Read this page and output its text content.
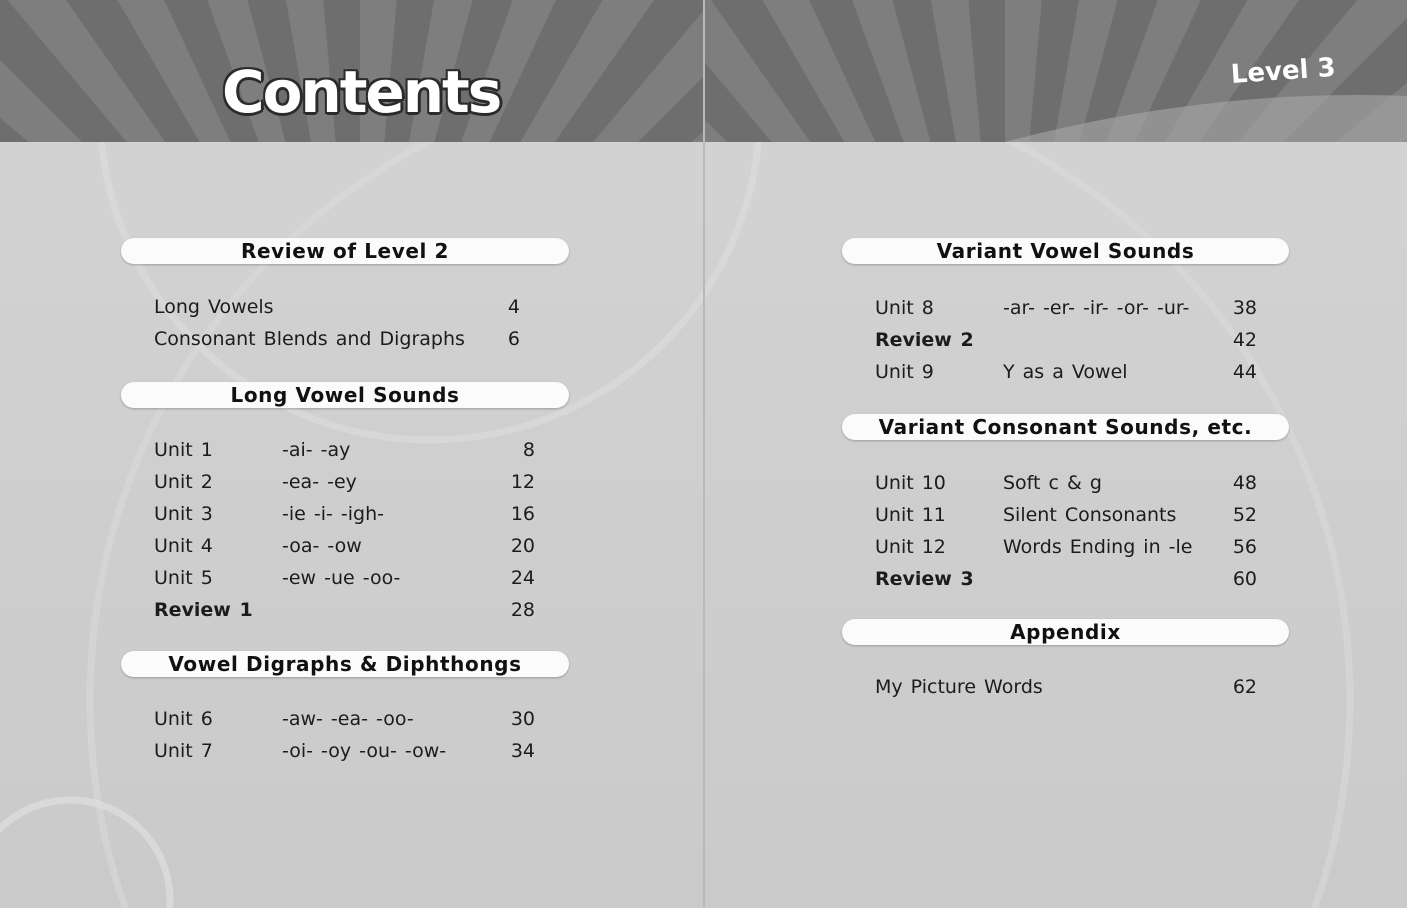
Contents
Review of Level 2
Long Vowels	4
Consonant Blends and Digraphs	6
Long Vowel Sounds
Unit 1	-ai- -ay	8
Unit 2	-ea- -ey	12
Unit 3	-ie -i- -igh-	16
Unit 4	-oa- -ow	20
Unit 5	-ew -ue -oo-	24
Review 1	28
Vowel Digraphs & Diphthongs
Unit 6	-aw- -ea- -oo-	30
Unit 7	-oi- -oy -ou- -ow-	34
Level 3
Variant Vowel Sounds
Unit 8	-ar- -er- -ir- -or- -ur-	38
Review 2	42
Unit 9	Y as a Vowel	44
Variant Consonant Sounds, etc.
Unit 10	Soft c & g	48
Unit 11	Silent Consonants	52
Unit 12	Words Ending in -le	56
Review 3	60
Appendix
My Picture Words	62
